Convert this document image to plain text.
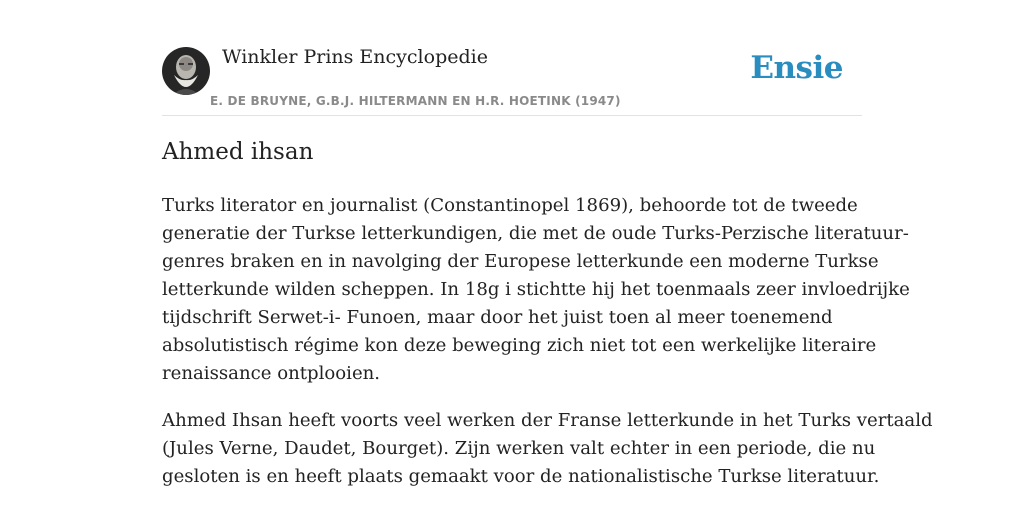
Winkler Prins Encyclopedie
E. DE BRUYNE, G.B.J. HILTERMANN EN H.R. HOETINK (1947)
Ensie
Ahmed ihsan

Turks literator en journalist (Constantinopel 1869), behoorde tot de tweede
generatie der Turkse letterkundigen, die met de oude Turks-Perzische literatuur-
genres braken en in navolging der Europese letterkunde een moderne Turkse
letterkunde wilden scheppen. In 18g i stichtte hij het toenmaals zeer invloedrijke
tijdschrift Serwet-i- Funoen, maar door het juist toen al meer toenemend
absolutistisch régime kon deze beweging zich niet tot een werkelijke literaire
renaissance ontplooien.

Ahmed Ihsan heeft voorts veel werken der Franse letterkunde in het Turks vertaald
(Jules Verne, Daudet, Bourget). Zijn werken valt echter in een periode, die nu
gesloten is en heeft plaats gemaakt voor de nationalistische Turkse literatuur.
